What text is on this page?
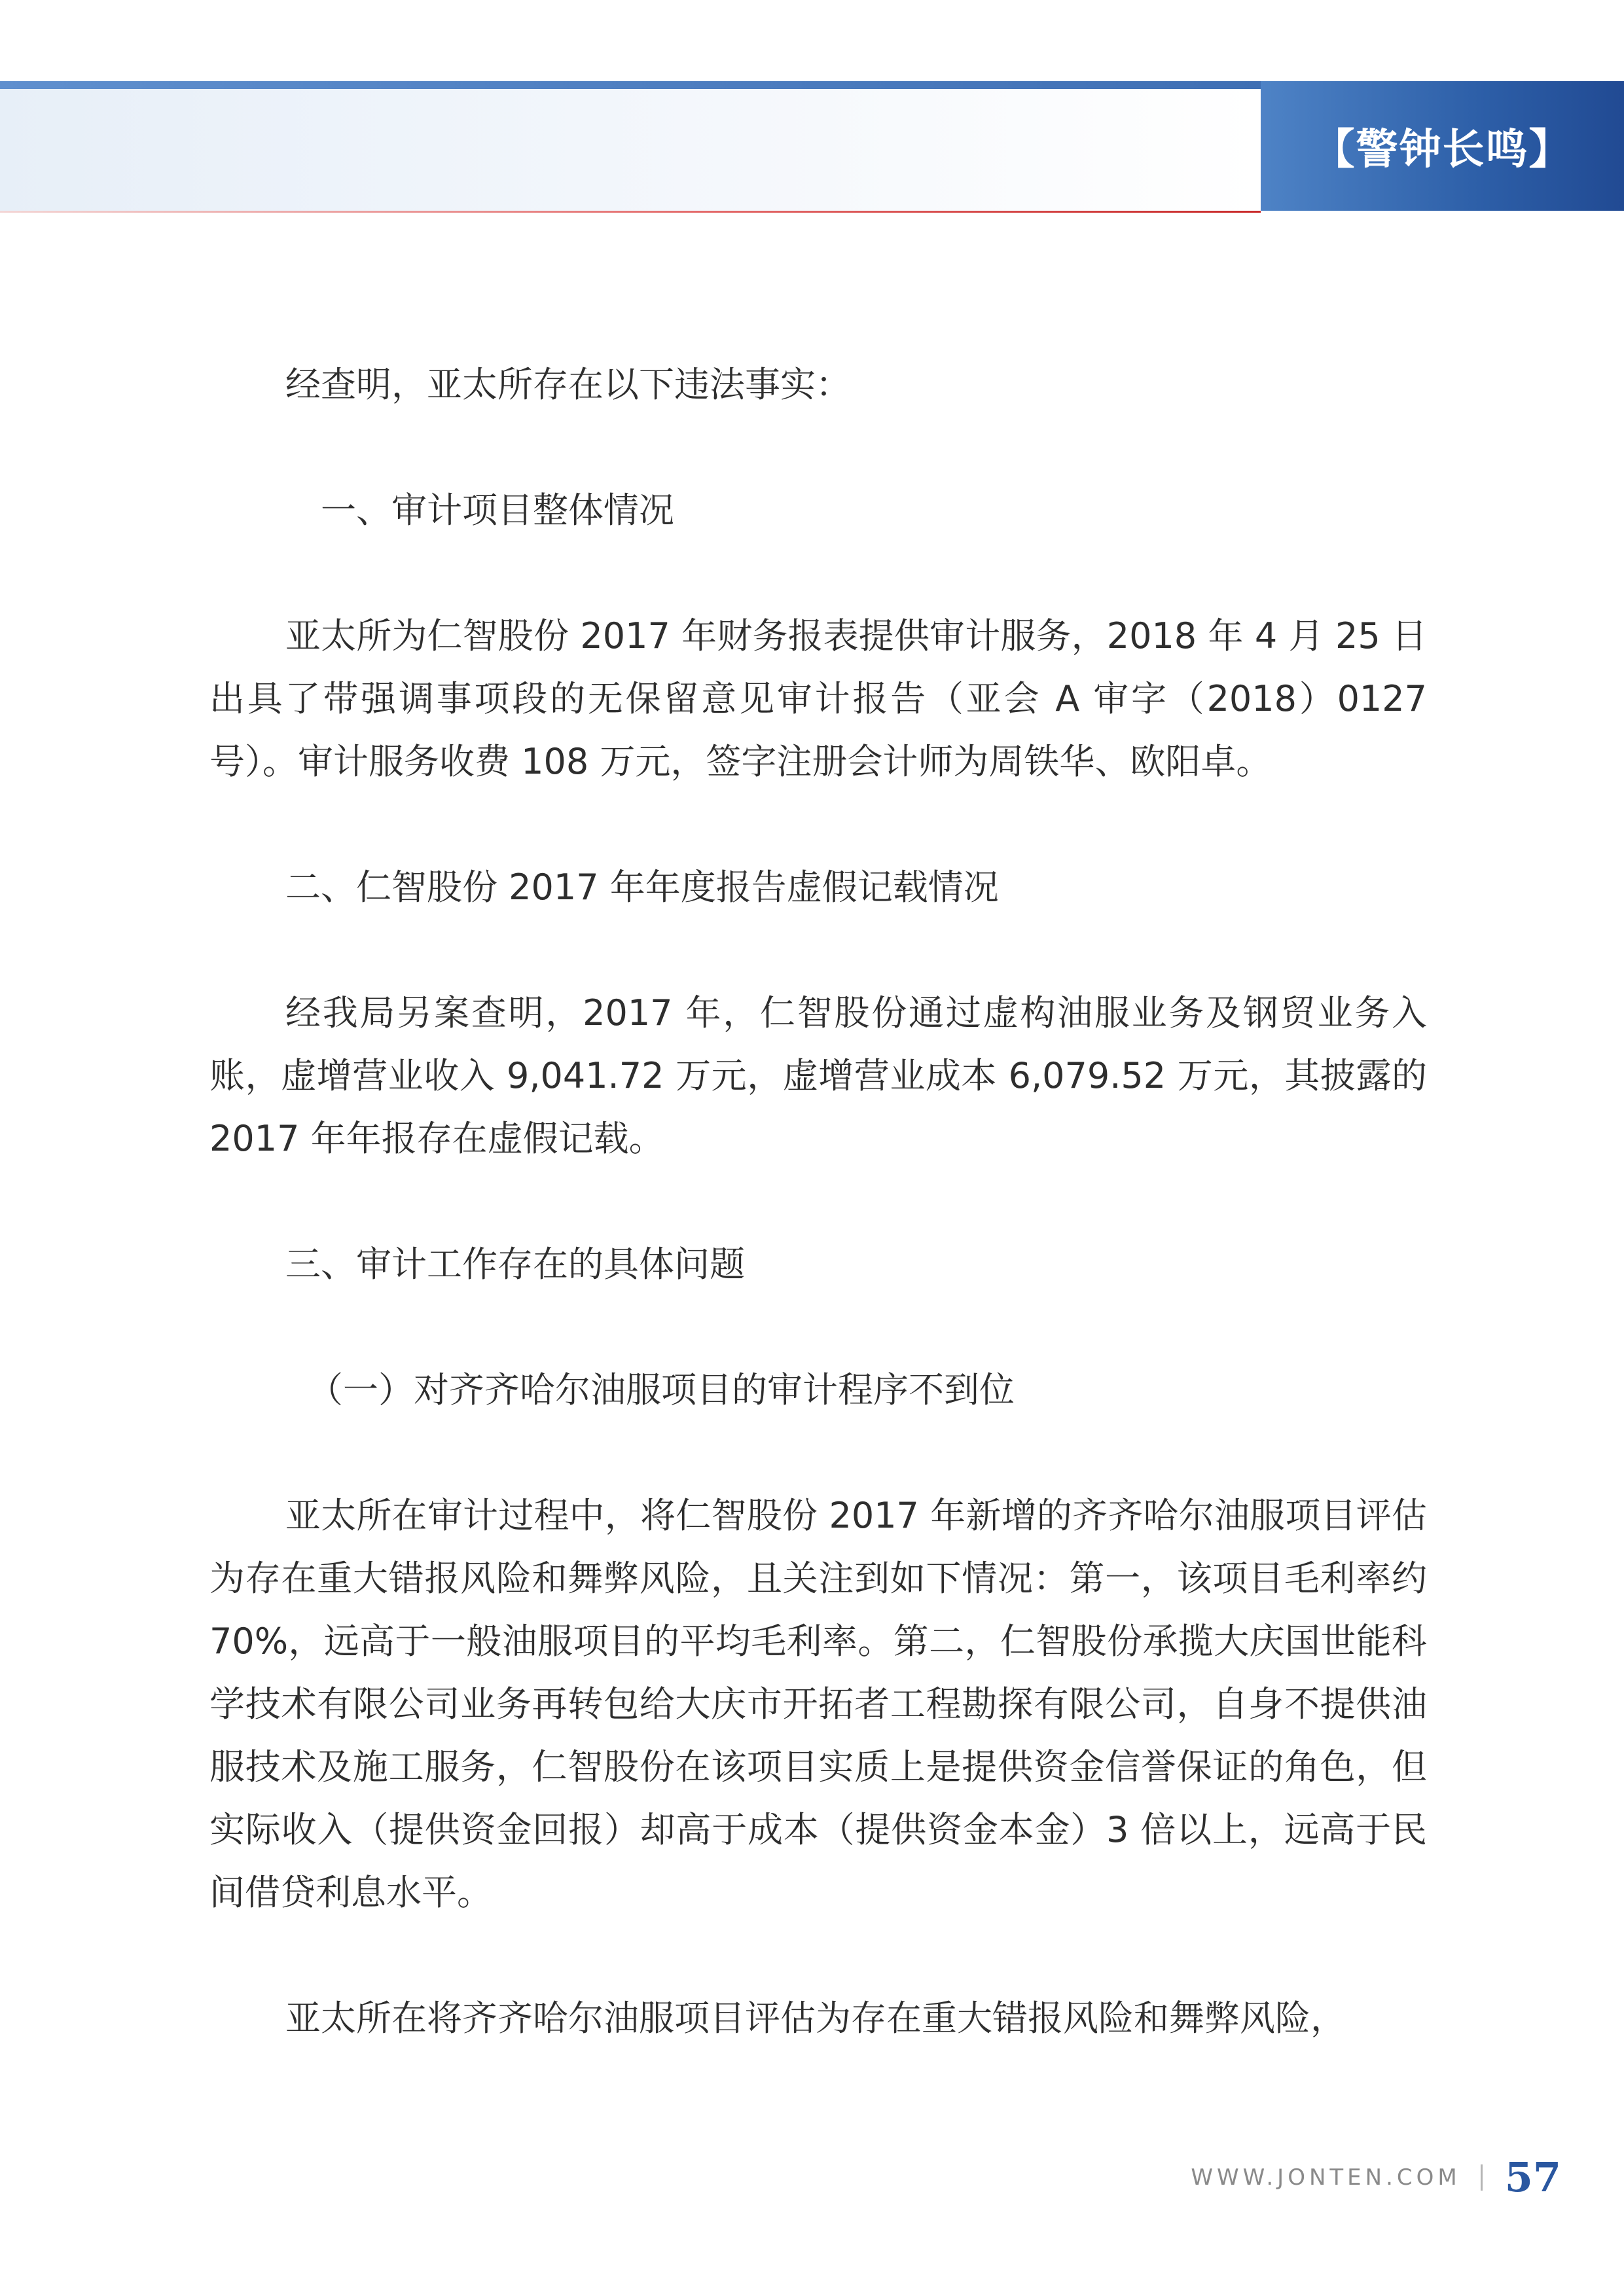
【警钟长鸣】

经查明，亚太所存在以下违法事实：

一、审计项目整体情况

亚太所为仁智股份 2017 年财务报表提供审计服务，2018 年 4 月 25 日出具了带强调事项段的无保留意见审计报告（亚会 A 审字（2018）0127 号）。审计服务收费 108 万元，签字注册会计师为周铁华、欧阳卓。

二、仁智股份 2017 年年度报告虚假记载情况

经我局另案查明，2017 年，仁智股份通过虚构油服业务及钢贸业务入账，虚增营业收入 9,041.72 万元，虚增营业成本 6,079.52 万元，其披露的 2017 年年报存在虚假记载。

三、审计工作存在的具体问题

（一）对齐齐哈尔油服项目的审计程序不到位

亚太所在审计过程中，将仁智股份 2017 年新增的齐齐哈尔油服项目评估为存在重大错报风险和舞弊风险，且关注到如下情况：第一，该项目毛利率约 70%，远高于一般油服项目的平均毛利率。第二，仁智股份承揽大庆国世能科学技术有限公司业务再转包给大庆市开拓者工程勘探有限公司，自身不提供油服技术及施工服务，仁智股份在该项目实质上是提供资金信誉保证的角色，但实际收入（提供资金回报）却高于成本（提供资金本金）3 倍以上，远高于民间借贷利息水平。

亚太所在将齐齐哈尔油服项目评估为存在重大错报风险和舞弊风险，

WWW.JONTEN.COM 57
